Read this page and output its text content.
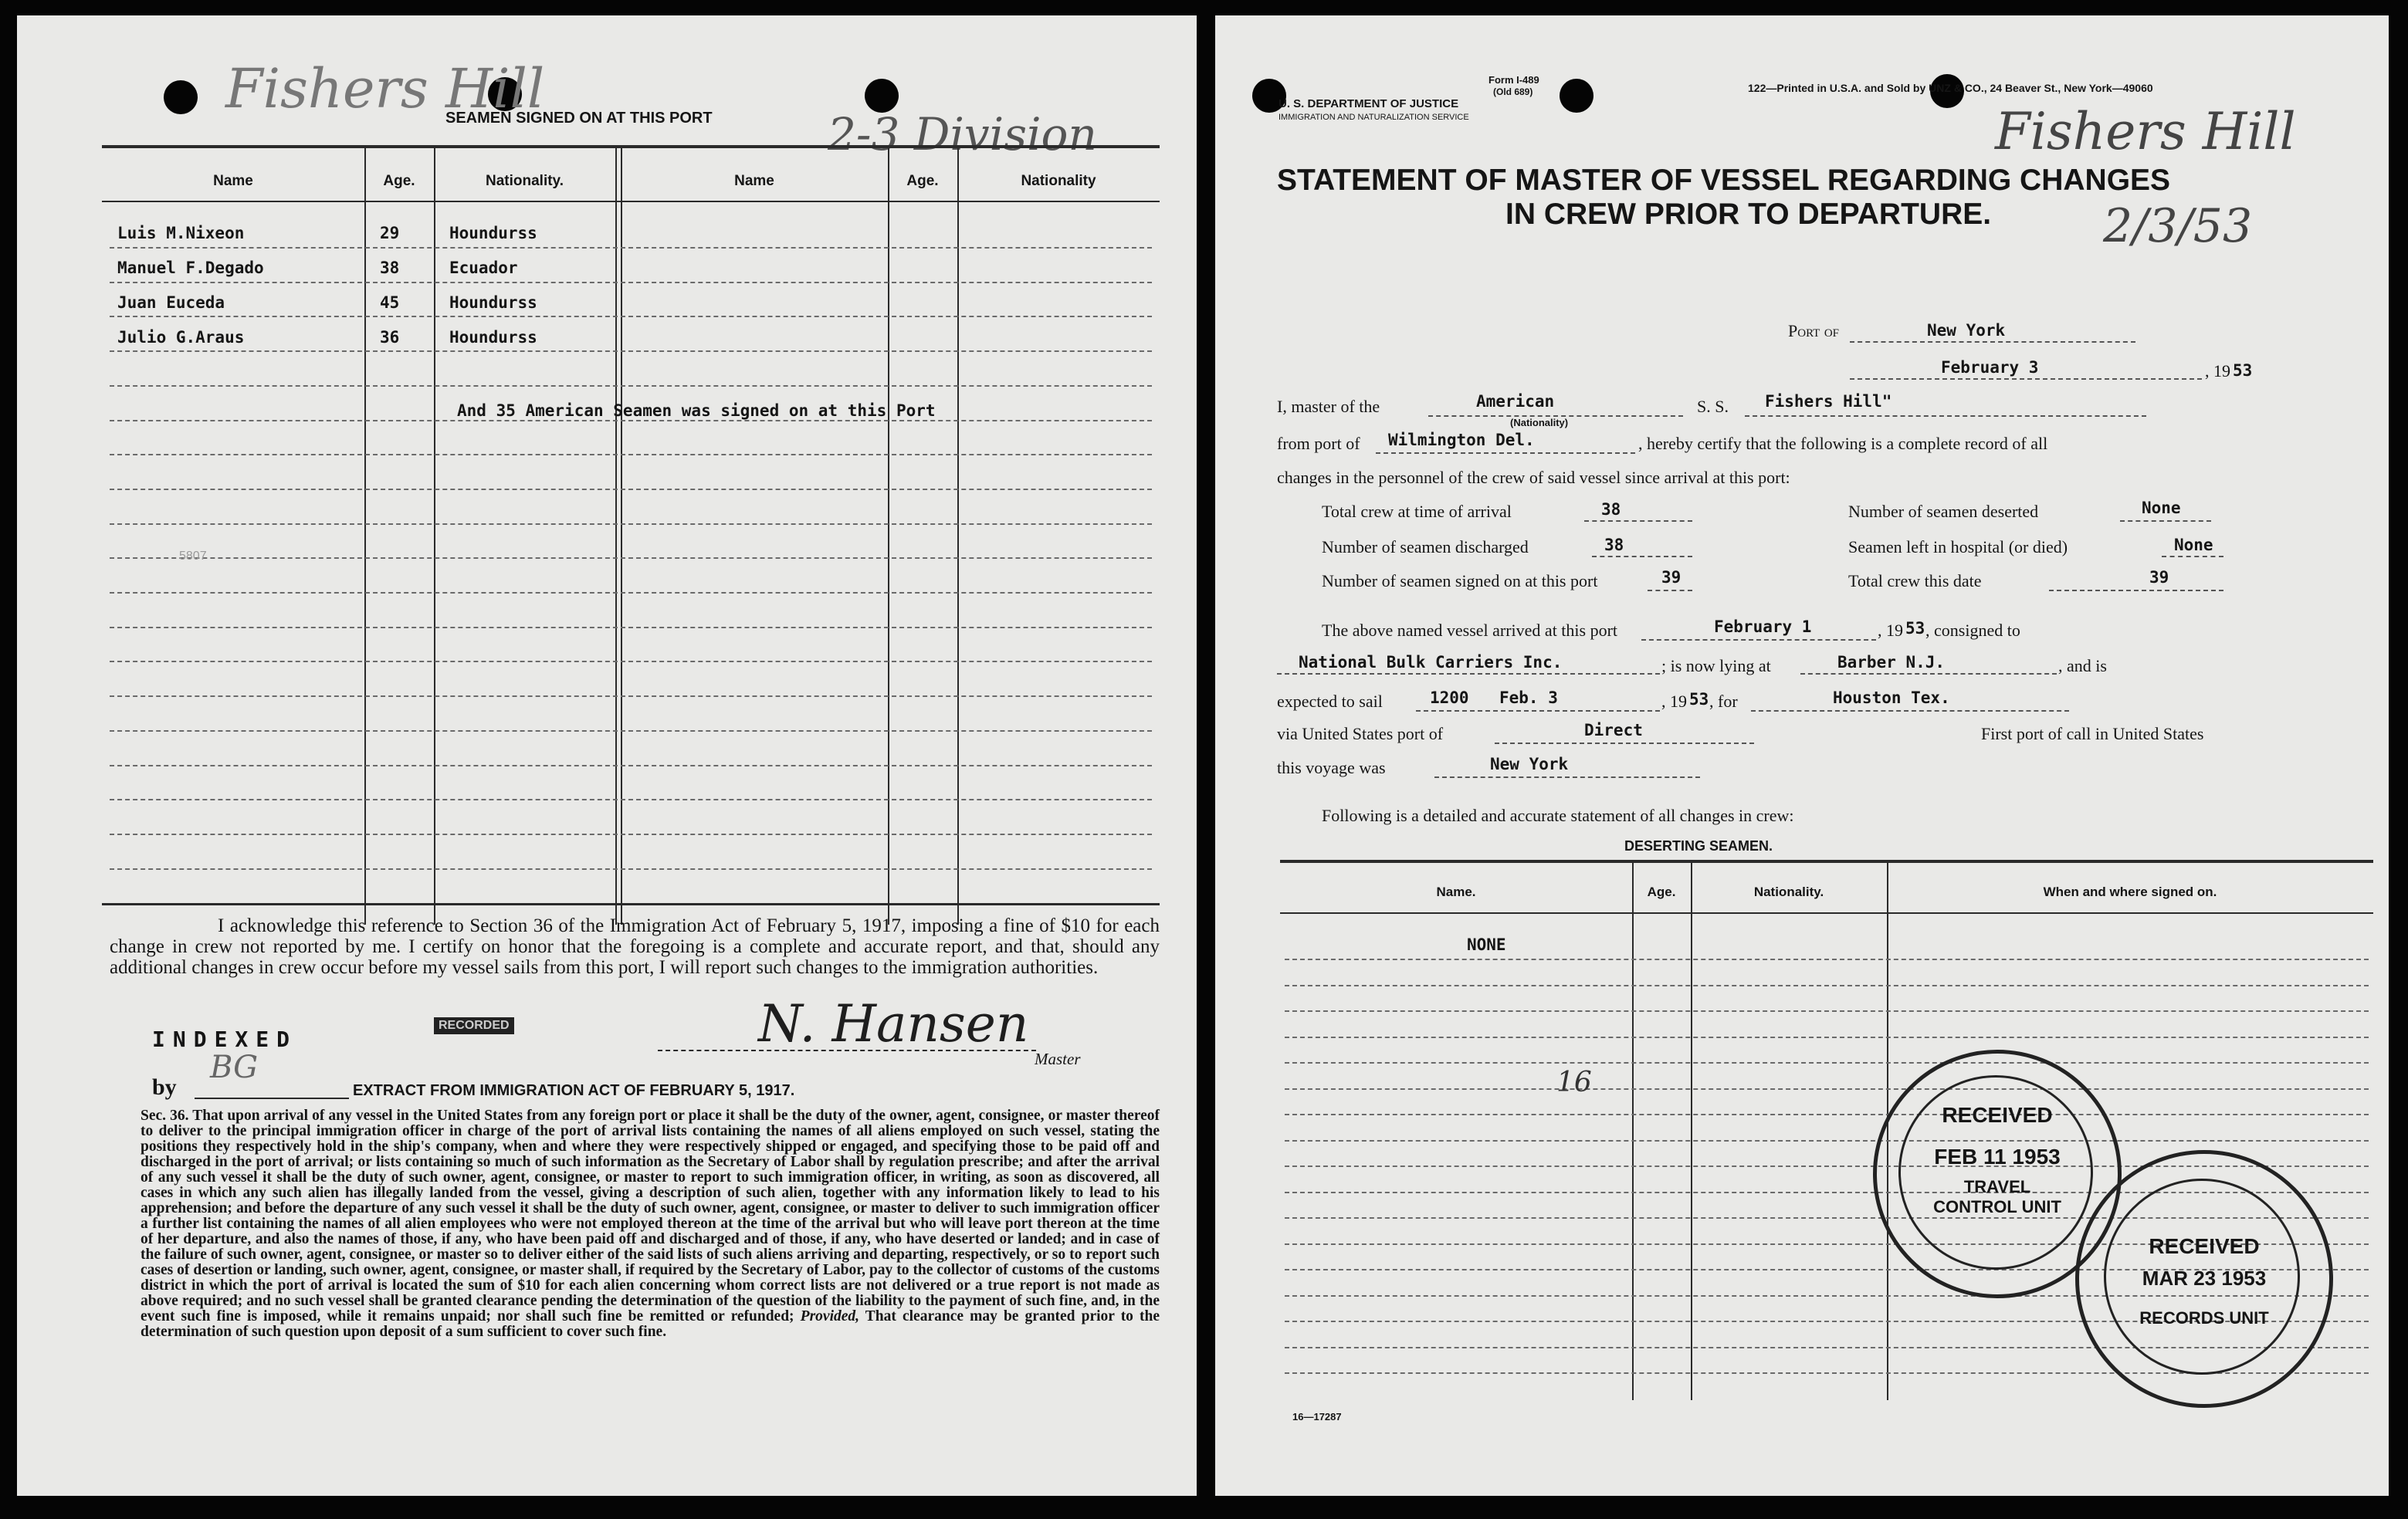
Fishers Hill
2-3 Division
SEAMEN SIGNED ON AT THIS PORT
Name	Age.	Nationality.	Name	Age.	Nationality
Luis M.Nixeon	29	Houndurss
Manuel F.Degado	38	Ecuador
Juan Euceda	45	Houndurss
Julio G.Araus	36	Houndurss
And 35 American Seamen was signed on at this Port
5807
I acknowledge this reference to Section 36 of the Immigration Act of February 5, 1917, imposing a fine of $10 for each change in crew not reported by me. I certify on honor that the foregoing is a complete and accurate report, and that, should any additional changes in crew occur before my vessel sails from this port, I will report such changes to the immigration authorities.
INDEXED
RECORDED	N. Hansen
Master
by
BG
EXTRACT FROM IMMIGRATION ACT OF FEBRUARY 5, 1917.
Sec. 36. That upon arrival of any vessel in the United States from any foreign port or place it shall be the duty of the owner, agent, consignee, or master thereof to deliver to the principal immigration officer in charge of the port of arrival lists containing the names of all aliens employed on such vessel, stating the positions they respectively hold in the ship's company, when and where they were respectively shipped or engaged, and specifying those to be paid off and discharged in the port of arrival; or lists containing so much of such information as the Secretary of Labor shall by regulation prescribe; and after the arrival of any such vessel it shall be the duty of such owner, agent, consignee, or master to report to such immigration officer, in writing, as soon as discovered, all cases in which any such alien has illegally landed from the vessel, giving a description of such alien, together with any information likely to lead to his apprehension; and before the departure of any such vessel it shall be the duty of such owner, agent, consignee, or master to deliver to such immigration officer a further list containing the names of all alien employees who were not employed thereon at the time of the arrival but who will leave port thereon at the time of her departure, and also the names of those, if any, who have been paid off and discharged and of those, if any, who have deserted or landed; and in case of the failure of such owner, agent, consignee, or master so to deliver either of the said lists of such aliens arriving and departing, respectively, or so to report such cases of desertion or landing, such owner, agent, consignee, or master shall, if required by the Secretary of Labor, pay to the collector of customs of the customs district in which the port of arrival is located the sum of $10 for each alien concerning whom correct lists are not delivered or a true report is not made as above required; and no such vessel shall be granted clearance pending the determination of the question of the liability to the payment of such fine, and, in the event such fine is imposed, while it remains unpaid; nor shall such fine be remitted or refunded; Provided, That clearance may be granted prior to the determination of such question upon deposit of a sum sufficient to cover such fine.
Form I-489
(Old 689)
U. S. DEPARTMENT OF JUSTICE
IMMIGRATION AND NATURALIZATION SERVICE
122—Printed in U.S.A. and Sold by UNZ & CO., 24 Beaver St., New York—49060
Fishers Hill
2/3/53
STATEMENT OF MASTER OF VESSEL REGARDING CHANGES
IN CREW PRIOR TO DEPARTURE.
Port of	New York
February 3	, 19 53
I, master of the	American
(Nationality)
S. S. Fishers Hill"
from port of Wilmington Del.	, hereby certify that the following is a complete record of all
changes in the personnel of the crew of said vessel since arrival at this port:
Total crew at time of arrival	38	Number of seamen deserted	None
Number of seamen discharged	38	Seamen left in hospital (or died)	None
Number of seamen signed on at this port	39	Total crew this date	39
The above named vessel arrived at this port	February 1	, 19 53 , consigned to
National Bulk Carriers Inc.	; is now lying at	Barber N.J.	, and is
expected to sail	1200 Feb. 3	, 19 53 , for	Houston Tex.
via United States port of	Direct	First port of call in United States
this voyage was	New York
Following is a detailed and accurate statement of all changes in crew:
DESERTING SEAMEN.
Name.	Age.	Nationality.	When and where signed on.
NONE
16
RECEIVED
FEB 11 1953
TRAVEL CONTROL UNIT
RECEIVED
MAR 23 1953
RECORDS UNIT
16—17287
